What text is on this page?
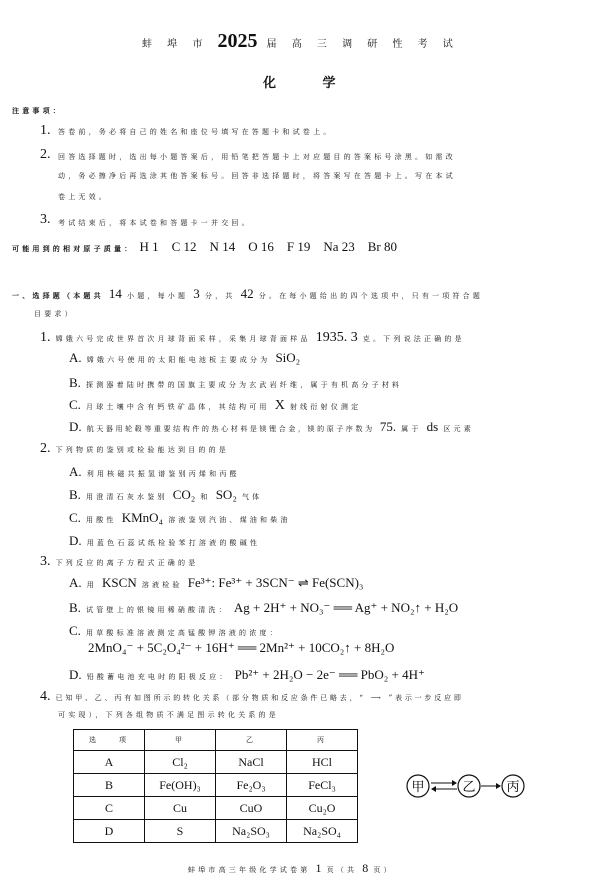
蚌 埠 市 2025 届 高 三 调 研 性 考 试
化 学
注意事项：
1. 答卷前，务必将自己的姓名和座位号填写在答题卡和试卷上。
2. 回答选择题时，选出每小题答案后，用铅笔把答题卡上对应题目的答案标号涂黑。如需改
动，务必擦净后再选涂其他答案标号。回答非选择题时，将答案写在答题卡上。写在本试
卷上无效。
3. 考试结束后，将本试卷和答题卡一并交回。
可能用到的相对原子质量： H 1    C 12    N 14    O 16    F 19    Na 23    Br 80
一、选择题（本题共 14 小题，每小题 3 分，共 42 分。在每小题给出的四个选项中，只有一项符合题
目要求）
1. 嫦娥六号完成世界首次月球背面采样，采集月球背面样品 1935. 3 克。下列说法正确的是
A. 嫦娥六号使用的太阳能电池板主要成分为 SiO₂
B. 探测器着陆时携带的国旗主要成分为玄武岩纤维，属于有机高分子材料
C. 月球土壤中含有钙铁矿晶体，其结构可用 X 射线衍射仪测定
D. 航天器用轮毂等重要结构件的热心材料是镁锂合金，镁的原子序数为 75. 属于 ds 区元素
2. 下列物质的鉴别或检验能达到目的的是
A. 利用核磁共振氢谱鉴别丙烯和丙醛
B. 用澄清石灰水鉴别 CO₂ 和 SO₂ 气体
C. 用酸性 KMnO₄ 溶液鉴别汽油、煤油和柴油
D. 用蓝色石蕊试纸检验苯打溶液的酸碱性
3. 下列反应的离子方程式正确的是
A. 用 KSCN 溶液检验 Fe³⁺: Fe³⁺ + 3SCN⁻ ⇌ Fe(SCN)₃
B. 试管壁上的银镜用稀硝酸清洗： Ag + 2H⁺ + NO₃⁻ ══ Ag⁺ + NO₂↑ + H₂O
C. 用草酸标准溶液测定高锰酸钾溶液的浓度：
2MnO₄⁻ + 5C₂O₄²⁻ + 16H⁺ ══ 2Mn²⁺ + 10CO₂↑ + 8H₂O
D. 铅酸蓄电池充电时的阳极反应： Pb²⁺ + 2H₂O − 2e⁻ ══ PbO₂ + 4H⁺
4. 已知甲、乙、丙有如图所示的转化关系（部分物质和反应条件已略去，“ ⟶ ”表示一步反应即
可实现），下列各组物质不满足图示转化关系的是
选　　项	甲	乙	丙
A	Cl₂	NaCl	HCl
B	Fe(OH)₃	Fe₂O₃	FeCl₃
C	Cu	CuO	Cu₂O
D	S	Na₂SO₃	Na₂SO₄
甲	乙 丙
蚌埠市高三年级化学试卷第 1 页（共 8 页）
